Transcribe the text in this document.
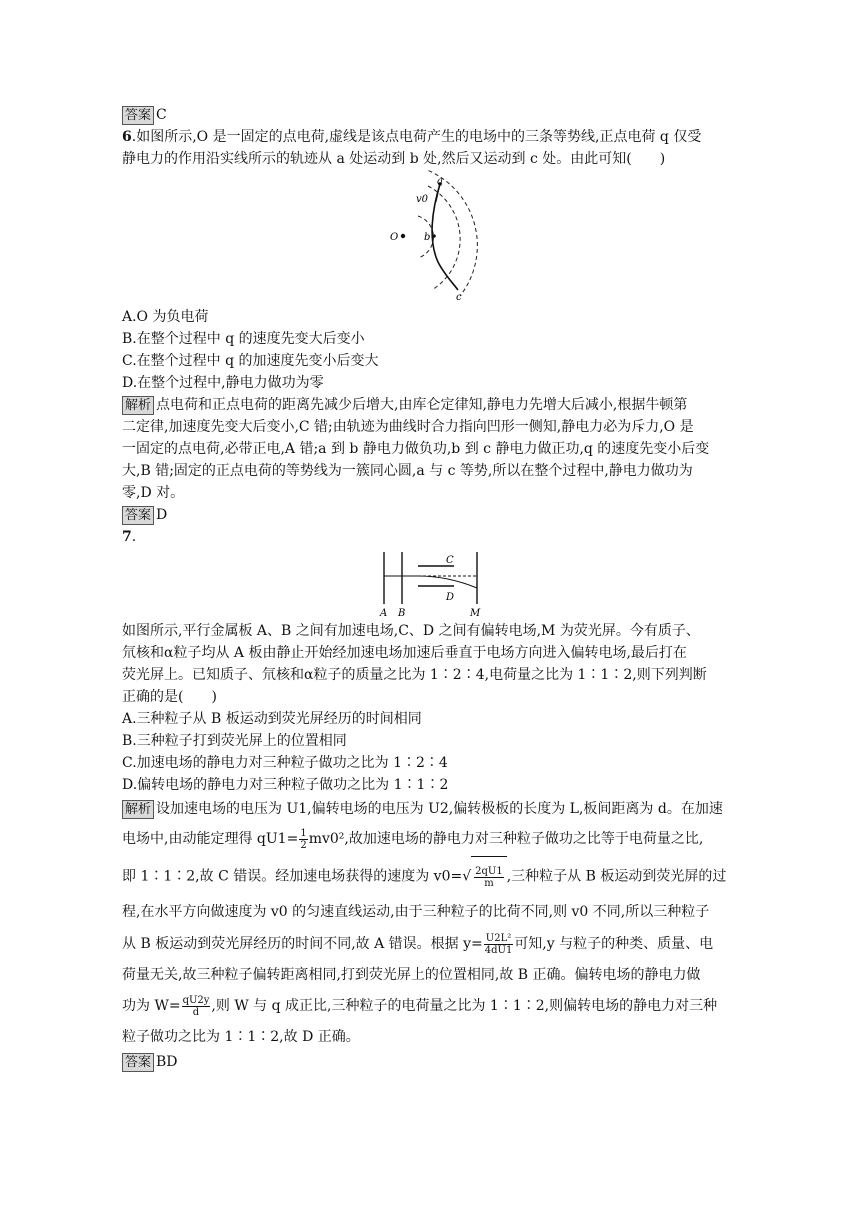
答案 C
6.如图所示,O 是一固定的点电荷,虚线是该点电荷产生的电场中的三条等势线,正点电荷 q 仅受
静电力的作用沿实线所示的轨迹从 a 处运动到 b 处,然后又运动到 c 处。由此可知(　　)
a
v0
O	b
c
A.O 为负电荷
B.在整个过程中 q 的速度先变大后变小
C.在整个过程中 q 的加速度先变小后变大
D.在整个过程中,静电力做功为零
解析 点电荷和正点电荷的距离先减少后增大,由库仑定律知,静电力先增大后减小,根据牛顿第
二定律,加速度先变大后变小,C 错;由轨迹为曲线时合力指向凹形一侧知,静电力必为斥力,O 是
一固定的点电荷,必带正电,A 错;a 到 b 静电力做负功,b 到 c 静电力做正功,q 的速度先变小后变
大,B 错;固定的正点电荷的等势线为一簇同心圆,a 与 c 等势,所以在整个过程中,静电力做功为
零,D 对。
答案 D
7.
C
D
A B	M
如图所示,平行金属板 A、B 之间有加速电场,C、D 之间有偏转电场,M 为荧光屏。今有质子、
氘核和α粒子均从 A 板由静止开始经加速电场加速后垂直于电场方向进入偏转电场,最后打在
荧光屏上。已知质子、氘核和α粒子的质量之比为 1∶2∶4,电荷量之比为 1∶1∶2,则下列判断
正确的是(　　)
A.三种粒子从 B 板运动到荧光屏经历的时间相同
B.三种粒子打到荧光屏上的位置相同
C.加速电场的静电力对三种粒子做功之比为 1∶2∶4
D.偏转电场的静电力对三种粒子做功之比为 1∶1∶2
解析 设加速电场的电压为 U1,偏转电场的电压为 U2,偏转极板的长度为 L,板间距离为 d。在加速
电场中,由动能定理得 $qU1= \frac{1}{2} mv0^2$,故加速电场的静电力对三种粒子做功之比等于电荷量之比,
即 1∶1∶2,故 C 错误。经加速电场获得的速度为 $v0=√ \frac{2qU1}{m}$ ,三种粒子从 B 板运动到荧光屏的过
程,在水平方向做速度为 v0 的匀速直线运动,由于三种粒子的比荷不同,则 v0 不同,所以三种粒子
从 B 板运动到荧光屏经历的时间不同,故 A 错误。根据 $y= \frac{\text{U2L²}}{4dU1}$ 可知,y 与粒子的种类、质量、电
荷量无关,故三种粒子偏转距离相同,打到荧光屏上的位置相同,故 B 正确。偏转电场的静电力做
功为 $W= \frac{qU2y}{d}$ ,则 W 与 q 成正比,三种粒子的电荷量之比为 1∶1∶2,则偏转电场的静电力对三种
粒子做功之比为 1∶1∶2,故 D 正确。
答案 BD
